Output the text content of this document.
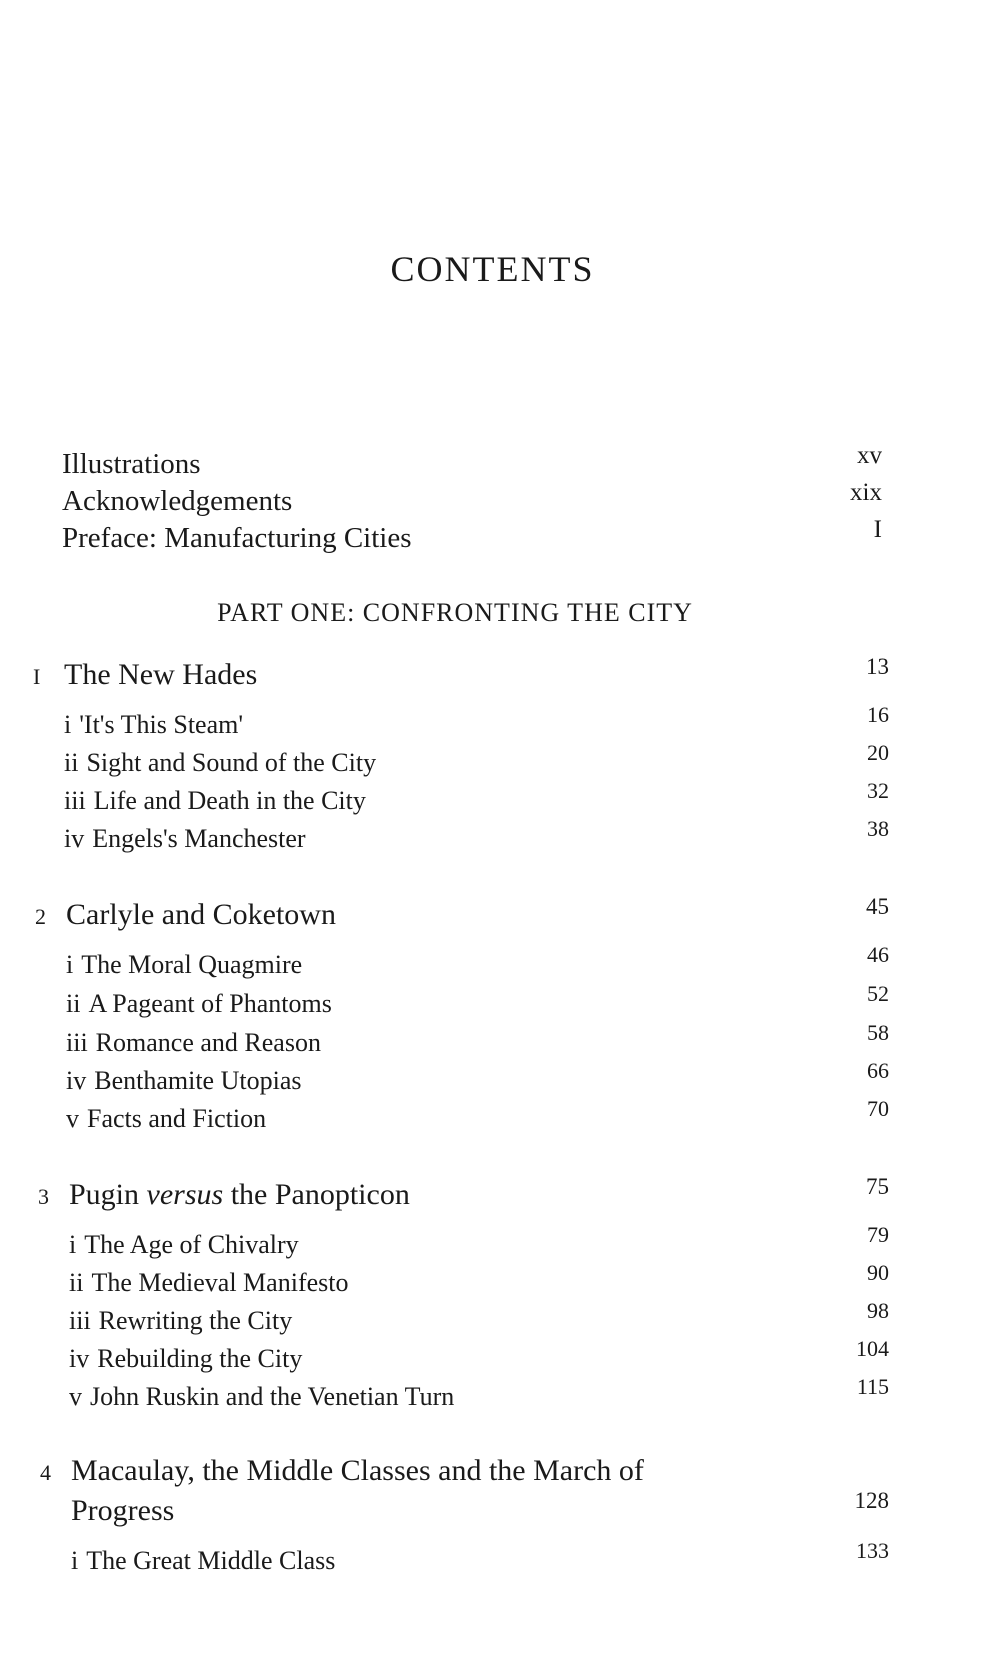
CONTENTS
Illustrations	xv
Acknowledgements	xix
Preface: Manufacturing Cities	I
PART ONE: CONFRONTING THE CITY
I The New Hades	13
i 'It's This Steam'	16
ii Sight and Sound of the City	20
iii Life and Death in the City	32
iv Engels's Manchester	38
2 Carlyle and Coketown	45
i The Moral Quagmire	46
ii A Pageant of Phantoms	52
iii Romance and Reason	58
iv Benthamite Utopias	66
v Facts and Fiction	70
3 Pugin versus the Panopticon	75
i The Age of Chivalry	79
ii The Medieval Manifesto	90
iii Rewriting the City	98
iv Rebuilding the City	104
v John Ruskin and the Venetian Turn	115
4 Macaulay, the Middle Classes and the March of
Progress	128
i The Great Middle Class	133
